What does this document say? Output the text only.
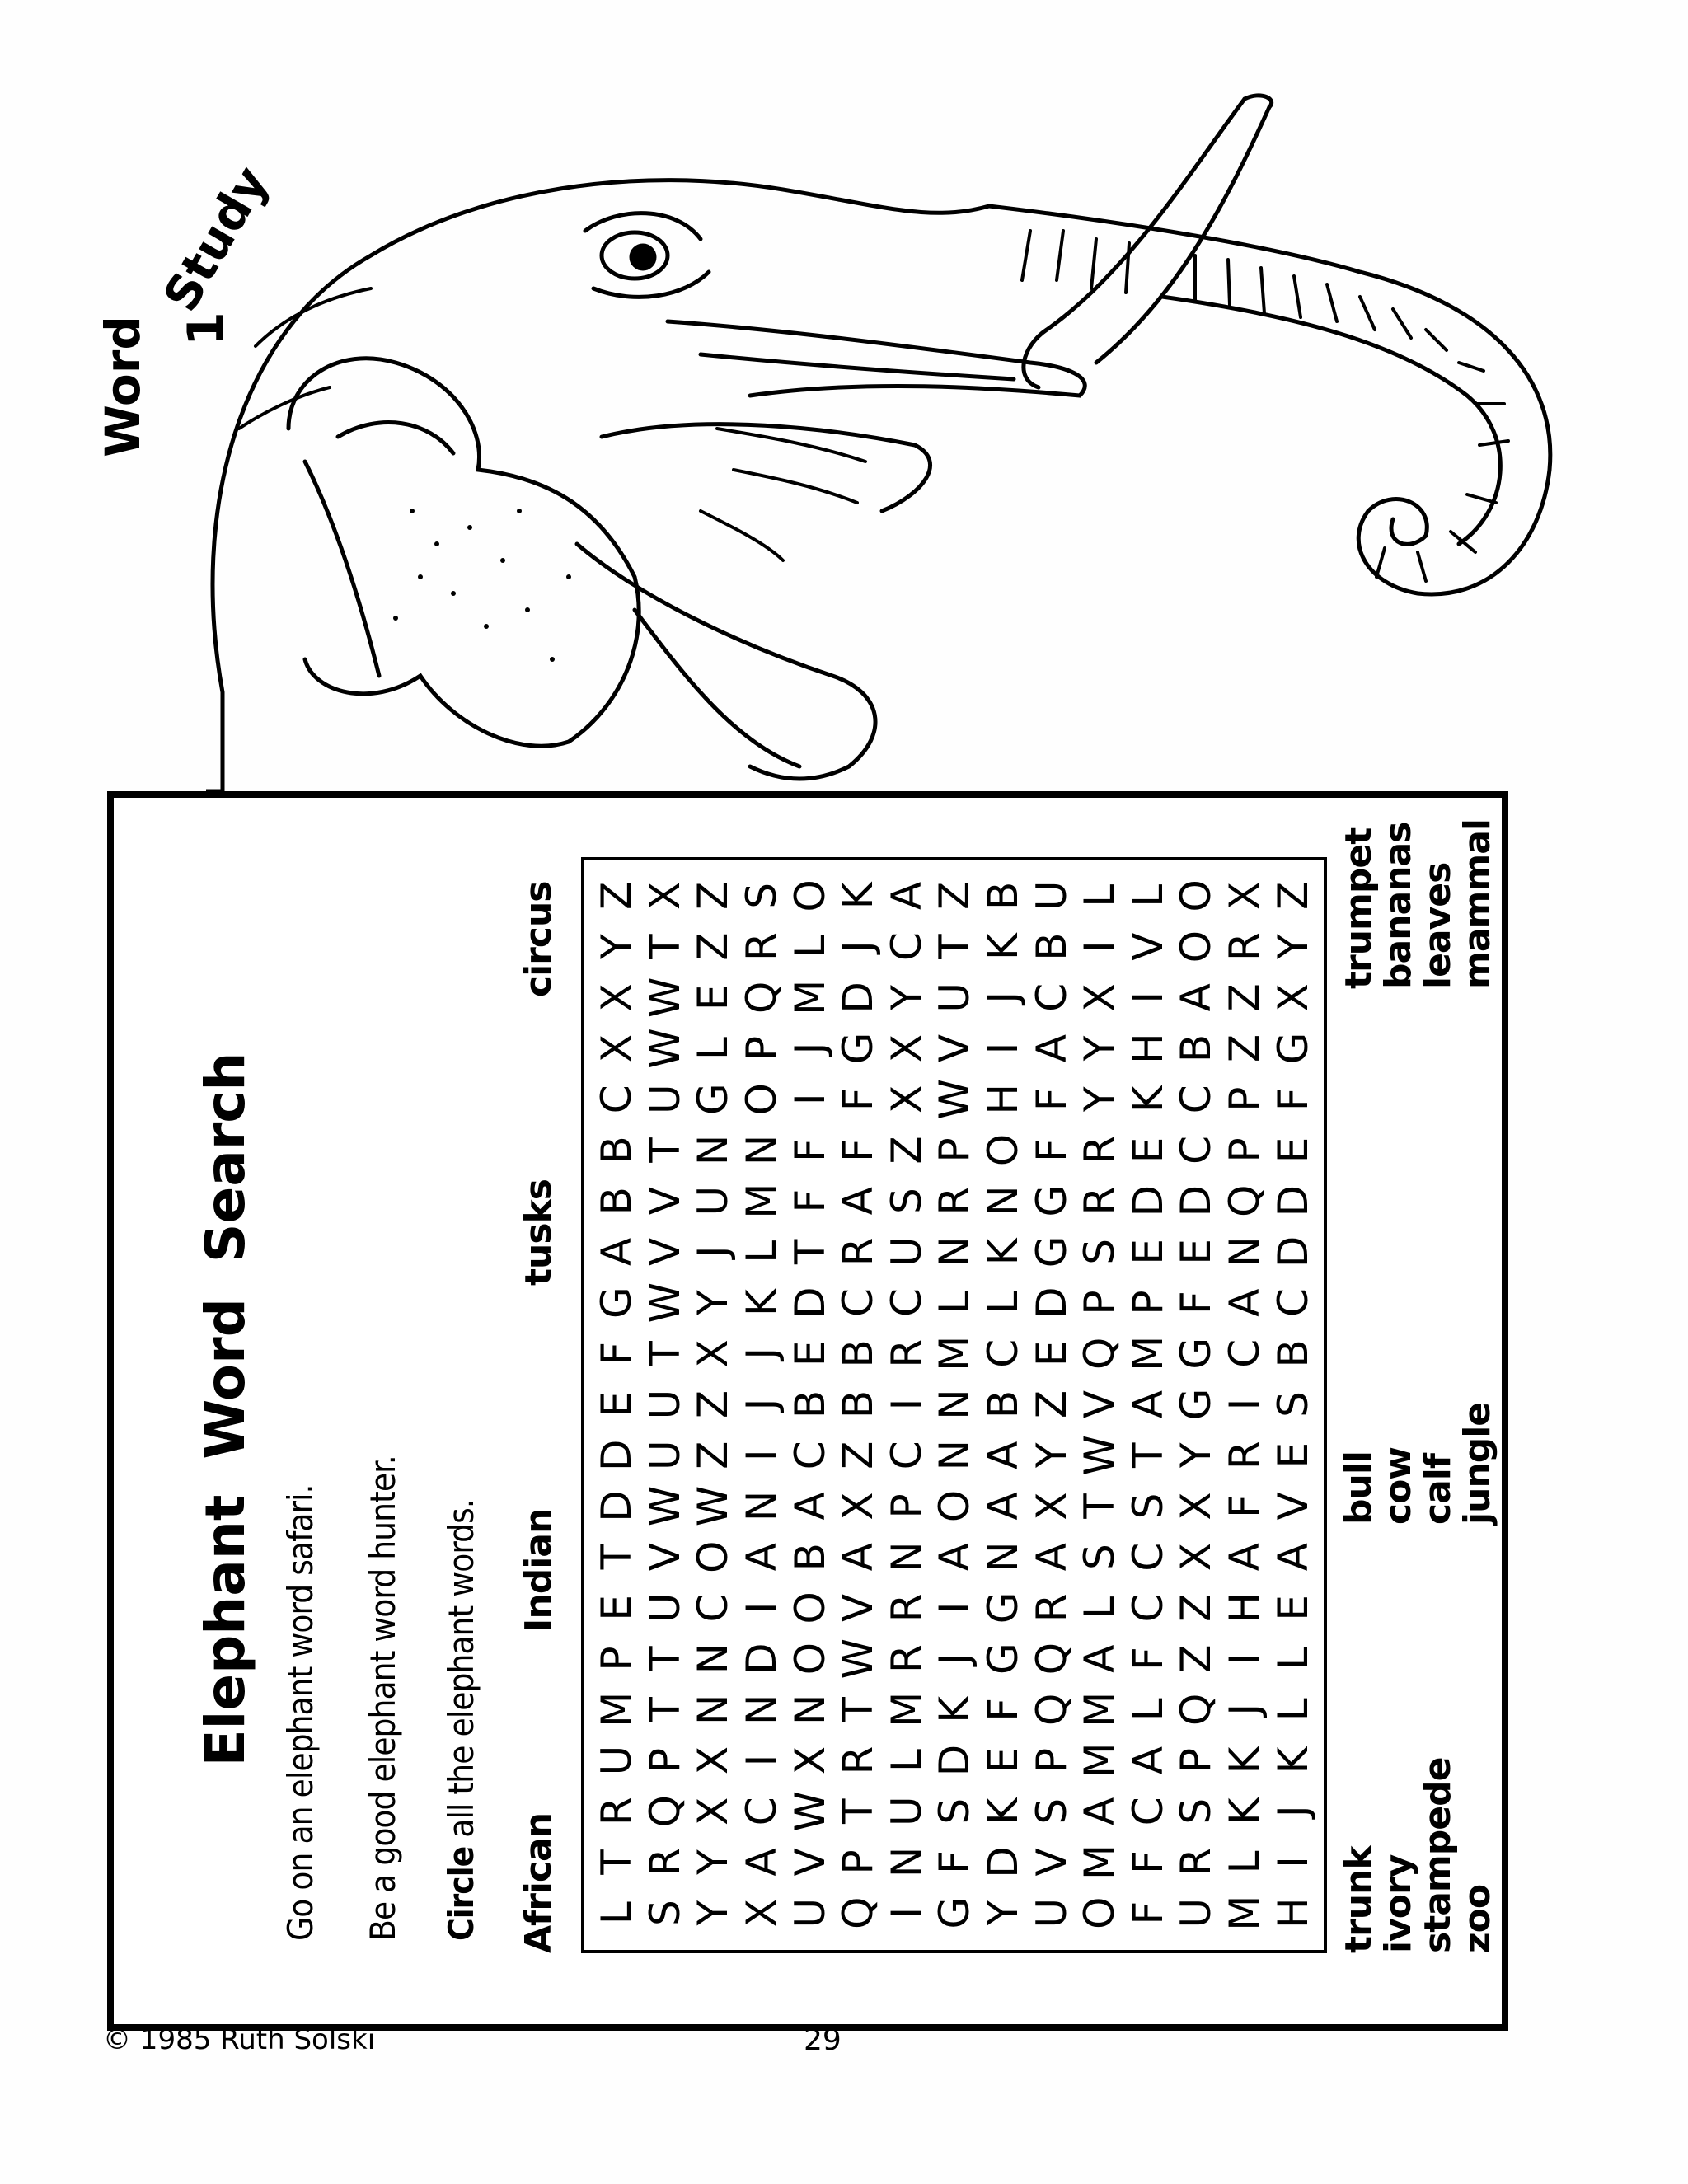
Word
Study
1
Elephant Word Search Go on an elephant word safari. Be a good elephant word hunter. Circle all the elephant words.
African
Indian
tusks
circus
L
T
R
U
M
P
E
T
D
D
E
F
G
A
B
B
C
X
X
Y
Z
S
R
Q
P
T
T
U
V
W
U
U
T
W
V
V
T
U
W
W
T
X
Y
Y
X
X
N
N
C
O
W
Z
Z
X
Y
J
U
N
G
L
E
Z
Z
X
A
C
I
N
D
I
A
N
I
J
J
K
L
M
N
O
P
Q
R
S
U
V
W
X
N
O
O
B
A
C
B
E
D
T
F
F
I
J
M
L
O
Q
P
T
R
T
W
V
A
X
Z
B
B
C
R
A
F
F
G
D
J
K
I
N
U
L
M
R
R
N
P
C
I
R
C
U
S
Z
X
X
Y
C
A
G
F
S
D
K
J
I
A
O
N
N
M
L
N
R
P
W
V
U
T
Z
Y
D
K
E
F
G
G
N
A
A
B
C
L
K
N
O
H
I
J
K
B
U
V
S
P
Q
Q
R
A
X
Y
Z
E
D
G
G
F
F
A
C
B
U
O
M
A
M
M
A
L
S
T
W
V
Q
P
S
R
R
Y
Y
X
I
L
F
F
C
A
L
F
C
C
S
T
A
M
P
E
D
E
K
H
I
V
L
U
R
S
P
Q
Z
Z
X
X
Y
G
G
F
E
D
C
C
B
A
O
O
M
L
K
K
J
I
H
A
F
R
I
C
A
N
Q
P
P
Z
Z
R
X
H
I
J
K
L
L
E
A
V
E
S
B
C
D
D
E
F
G
X
Y
Z
trunk
ivory
stampede
zoo
bull
cow
calf
jungle
trumpet
bananas
leaves
mammal
© 1985 Ruth Solski	29
